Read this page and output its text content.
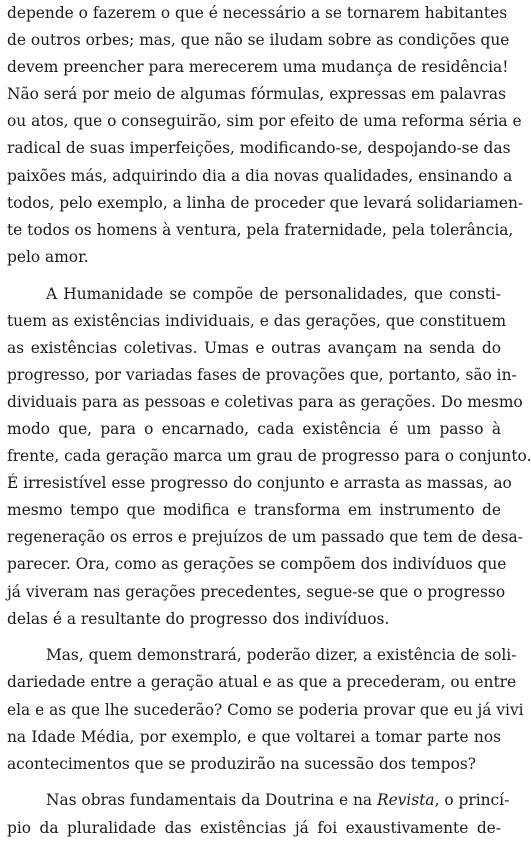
depende o fazerem o que é necessário a se tornarem habitantes
de outros orbes; mas, que não se iludam sobre as condições que
devem preencher para merecerem uma mudança de residência!
Não será por meio de algumas fórmulas, expressas em palavras
ou atos, que o conseguirão, sim por efeito de uma reforma séria e
radical de suas imperfeições, modificando-se, despojando-se das
paixões más, adquirindo dia a dia novas qualidades, ensinando a
todos, pelo exemplo, a linha de proceder que levará solidariamen-
te todos os homens à ventura, pela fraternidade, pela tolerância,
pelo amor.
A Humanidade se compõe de personalidades, que consti-
tuem as existências individuais, e das gerações, que constituem
as existências coletivas. Umas e outras avançam na senda do
progresso, por variadas fases de provações que, portanto, são in-
dividuais para as pessoas e coletivas para as gerações. Do mesmo
modo que, para o encarnado, cada existência é um passo à
frente, cada geração marca um grau de progresso para o conjunto.
É irresistível esse progresso do conjunto e arrasta as massas, ao
mesmo tempo que modifica e transforma em instrumento de
regeneração os erros e prejuízos de um passado que tem de desa-
parecer. Ora, como as gerações se compõem dos indivíduos que
já viveram nas gerações precedentes, segue-se que o progresso
delas é a resultante do progresso dos indivíduos.
Mas, quem demonstrará, poderão dizer, a existência de soli-
dariedade entre a geração atual e as que a precederam, ou entre
ela e as que lhe sucederão? Como se poderia provar que eu já vivi
na Idade Média, por exemplo, e que voltarei a tomar parte nos
acontecimentos que se produzirão na sucessão dos tempos?
Nas obras fundamentais da Doutrina e na Revista, o princí-
pio da pluralidade das existências já foi exaustivamente de-
